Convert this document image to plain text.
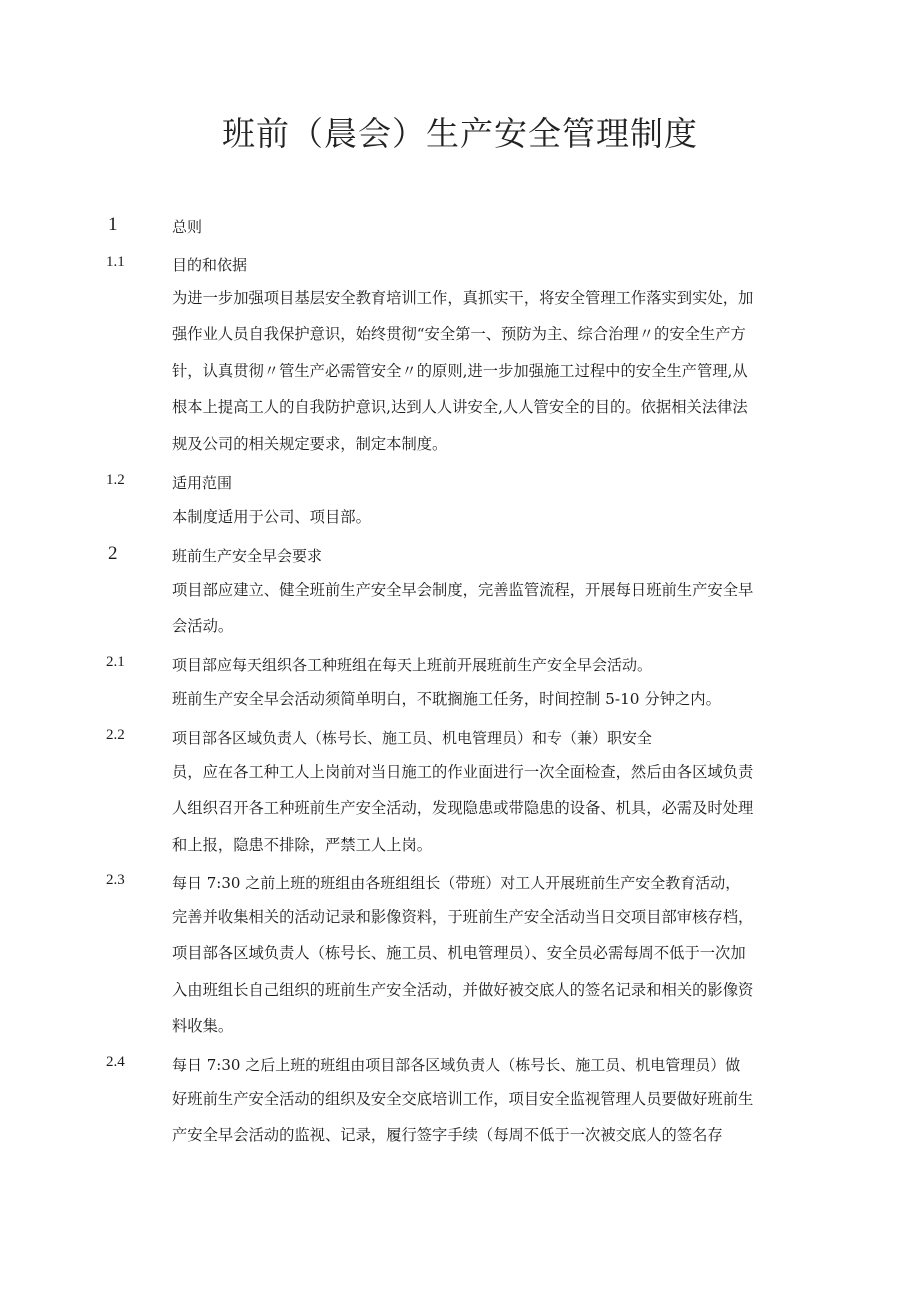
班前（晨会）生产安全管理制度
1	总则
1.1	目的和依据
为进一步加强项目基层安全教育培训工作，真抓实干，将安全管理工作落实到实处，加
强作业人员自我保护意识，始终贯彻“安全第一、预防为主、综合治理〃的安全生产方
针，认真贯彻〃管生产必需管安全〃的原则,进一步加强施工过程中的安全生产管理,从
根本上提高工人的自我防护意识,达到人人讲安全,人人管安全的目的。依据相关法律法
规及公司的相关规定要求，制定本制度。
1.2	适用范围
本制度适用于公司、项目部。
2	班前生产安全早会要求
项目部应建立、健全班前生产安全早会制度，完善监管流程，开展每日班前生产安全早
会活动。
2.1	项目部应每天组织各工种班组在每天上班前开展班前生产安全早会活动。
班前生产安全早会活动须简单明白，不耽搁施工任务，时间控制 5-10 分钟之内。
2.2	项目部各区域负责人（栋号长、施工员、机电管理员）和专（兼）职安全
员，应在各工种工人上岗前对当日施工的作业面进行一次全面检查，然后由各区域负责
人组织召开各工种班前生产安全活动，发现隐患或带隐患的设备、机具，必需及时处理
和上报，隐患不排除，严禁工人上岗。
2.3	每日 7:30 之前上班的班组由各班组组长（带班）对工人开展班前生产安全教育活动，
完善并收集相关的活动记录和影像资料，于班前生产安全活动当日交项目部审核存档，
项目部各区域负责人（栋号长、施工员、机电管理员）、安全员必需每周不低于一次加
入由班组长自己组织的班前生产安全活动，并做好被交底人的签名记录和相关的影像资
料收集。
2.4	每日 7:30 之后上班的班组由项目部各区域负责人（栋号长、施工员、机电管理员）做
好班前生产安全活动的组织及安全交底培训工作，项目安全监视管理人员要做好班前生
产安全早会活动的监视、记录，履行签字手续（每周不低于一次被交底人的签名存
